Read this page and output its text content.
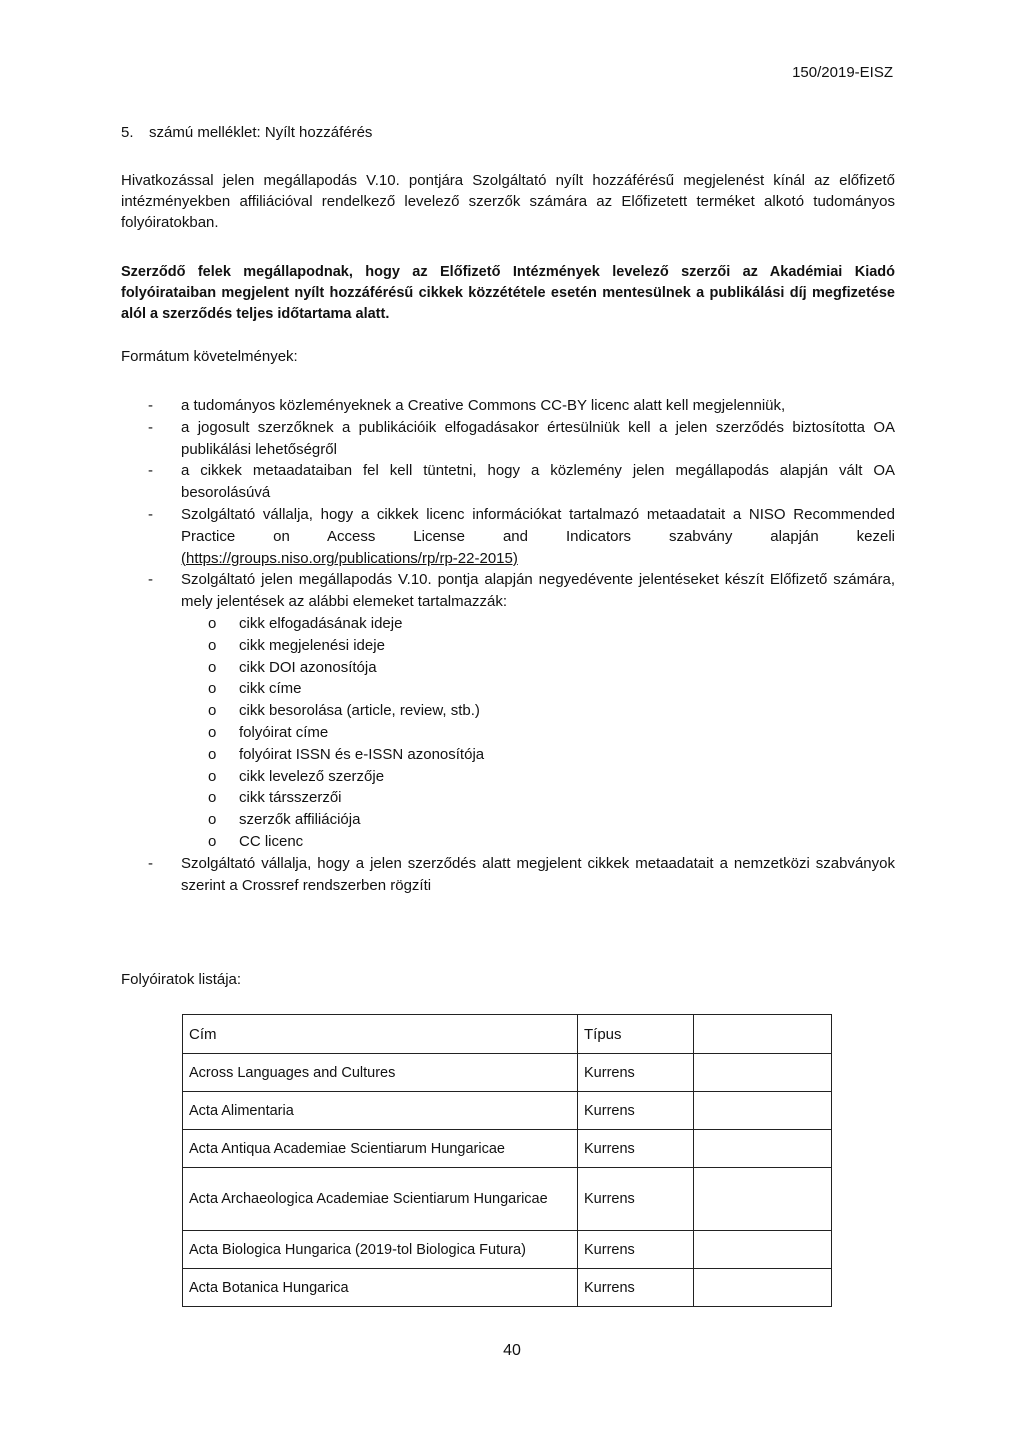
150/2019-EISZ
5. számú melléklet: Nyílt hozzáférés
Hivatkozással jelen megállapodás V.10. pontjára Szolgáltató nyílt hozzáférésű megjelenést kínál az előfizető intézményekben affiliációval rendelkező levelező szerzők számára az Előfizetett terméket alkotó tudományos folyóiratokban.
Szerződő felek megállapodnak, hogy az Előfizető Intézmények levelező szerzői az Akadémiai Kiadó folyóirataiban megjelent nyílt hozzáférésű cikkek közzététele esetén mentesülnek a publikálási díj megfizetése alól a szerződés teljes időtartama alatt.
Formátum követelmények:
- a tudományos közleményeknek a Creative Commons CC-BY licenc alatt kell megjelenniük,
- a jogosult szerzőknek a publikációik elfogadásakor értesülniük kell a jelen szerződés biztosította OA publikálási lehetőségről
- a cikkek metaadataiban fel kell tüntetni, hogy a közlemény jelen megállapodás alapján vált OA besorolásúvá
- Szolgáltató vállalja, hogy a cikkek licenc információkat tartalmazó metaadatait a NISO Recommended Practice on Access License and Indicators szabvány alapján kezeli (https://groups.niso.org/publications/rp/rp-22-2015)
- Szolgáltató jelen megállapodás V.10. pontja alapján negyedévente jelentéseket készít Előfizető számára, mely jelentések az alábbi elemeket tartalmazzák:
o cikk elfogadásának ideje
o cikk megjelenési ideje
o cikk DOI azonosítója
o cikk címe
o cikk besorolása (article, review, stb.)
o folyóirat címe
o folyóirat ISSN és e-ISSN azonosítója
o cikk levelező szerzője
o cikk társszerzői
o szerzők affiliációja
o CC licenc
- Szolgáltató vállalja, hogy a jelen szerződés alatt megjelent cikkek metaadatait a nemzetközi szabványok szerint a Crossref rendszerben rögzíti
Folyóiratok listája:
Cím	Típus	
Across Languages and Cultures	Kurrens	
Acta Alimentaria	Kurrens	
Acta Antiqua Academiae Scientiarum Hungaricae	Kurrens	
Acta Archaeologica Academiae Scientiarum Hungaricae	Kurrens	
Acta Biologica Hungarica (2019-tol Biologica Futura)	Kurrens	
Acta Botanica Hungarica	Kurrens	
40
